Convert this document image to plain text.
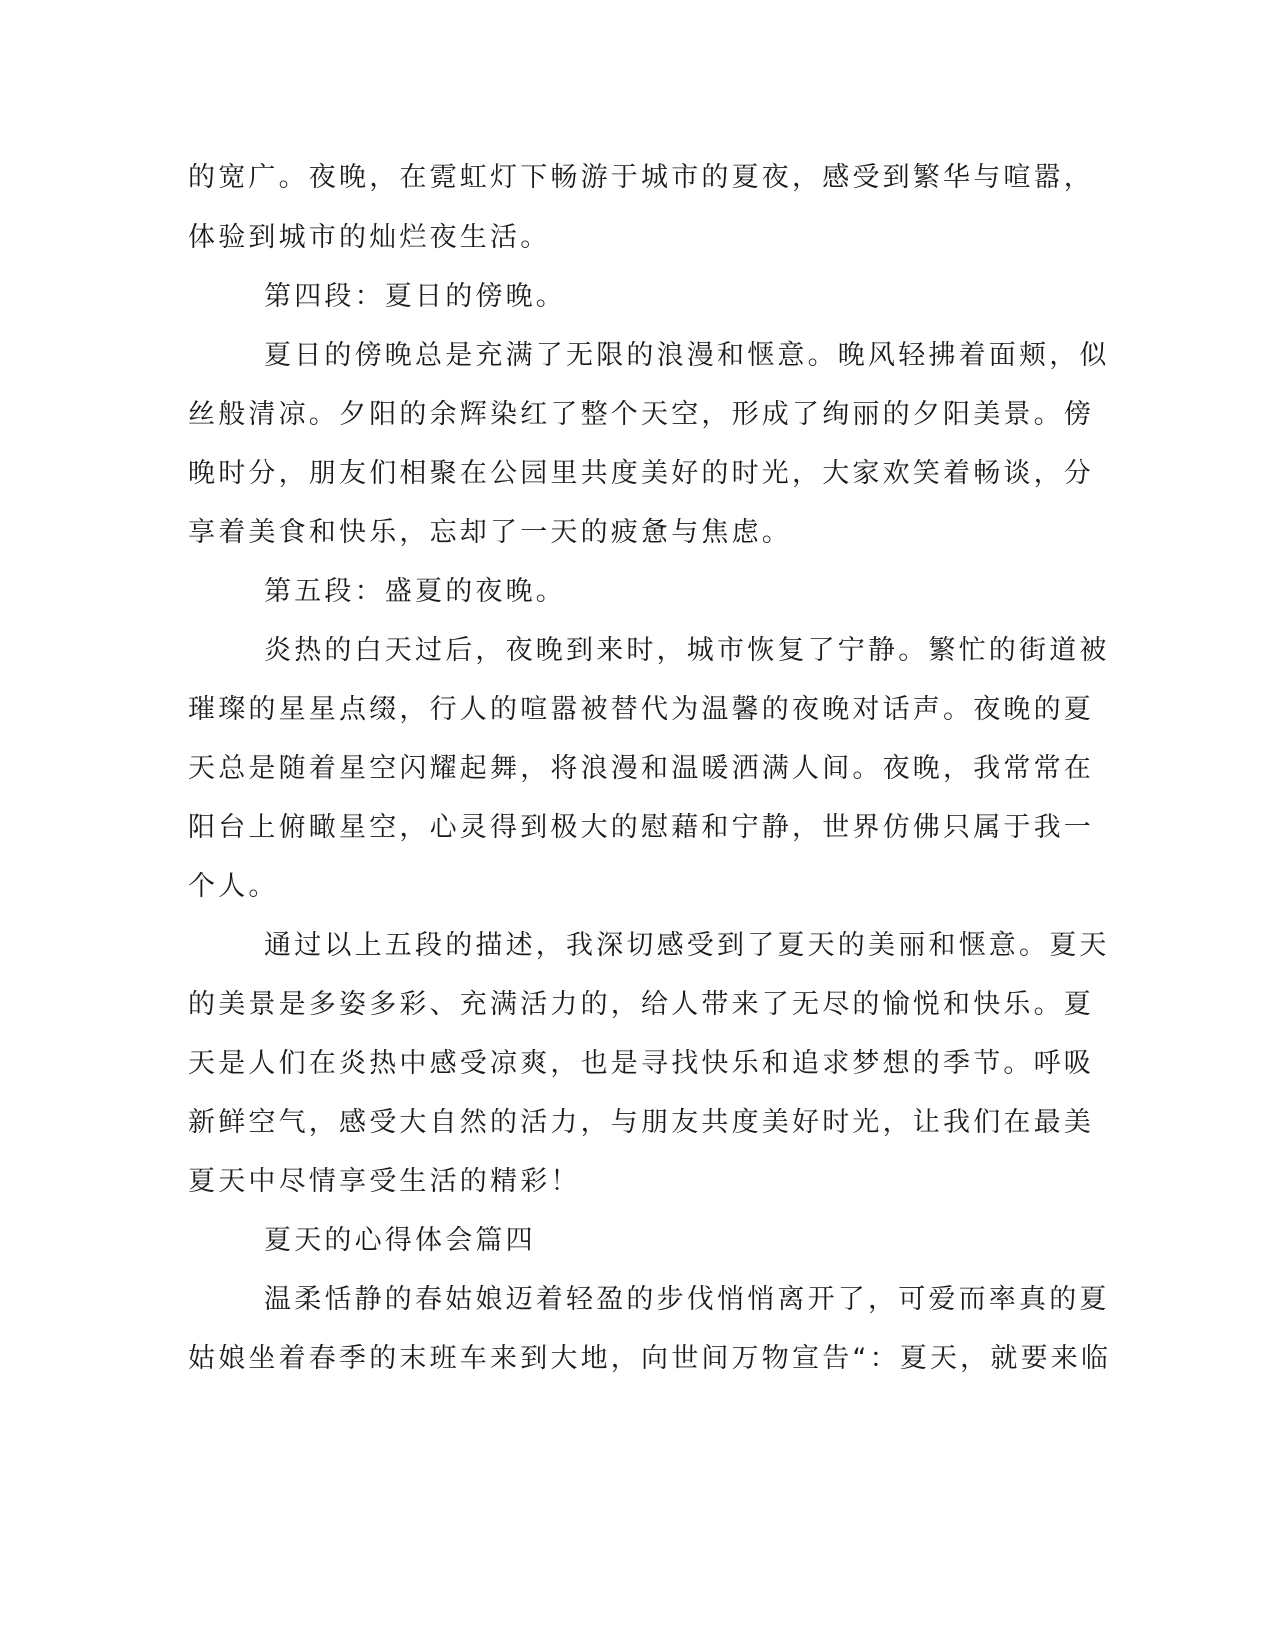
的宽广。夜晚，在霓虹灯下畅游于城市的夏夜，感受到繁华与喧嚣，
体验到城市的灿烂夜生活。
第四段：夏日的傍晚。
夏日的傍晚总是充满了无限的浪漫和惬意。晚风轻拂着面颊，似
丝般清凉。夕阳的余辉染红了整个天空，形成了绚丽的夕阳美景。傍
晚时分，朋友们相聚在公园里共度美好的时光，大家欢笑着畅谈，分
享着美食和快乐，忘却了一天的疲惫与焦虑。
第五段：盛夏的夜晚。
炎热的白天过后，夜晚到来时，城市恢复了宁静。繁忙的街道被
璀璨的星星点缀，行人的喧嚣被替代为温馨的夜晚对话声。夜晚的夏
天总是随着星空闪耀起舞，将浪漫和温暖洒满人间。夜晚，我常常在
阳台上俯瞰星空，心灵得到极大的慰藉和宁静，世界仿佛只属于我一
个人。
通过以上五段的描述，我深切感受到了夏天的美丽和惬意。夏天
的美景是多姿多彩、充满活力的，给人带来了无尽的愉悦和快乐。夏
天是人们在炎热中感受凉爽，也是寻找快乐和追求梦想的季节。呼吸
新鲜空气，感受大自然的活力，与朋友共度美好时光，让我们在最美
夏天中尽情享受生活的精彩！
夏天的心得体会篇四
温柔恬静的春姑娘迈着轻盈的步伐悄悄离开了，可爱而率真的夏
姑娘坐着春季的末班车来到大地，向世间万物宣告“：夏天，就要来临
